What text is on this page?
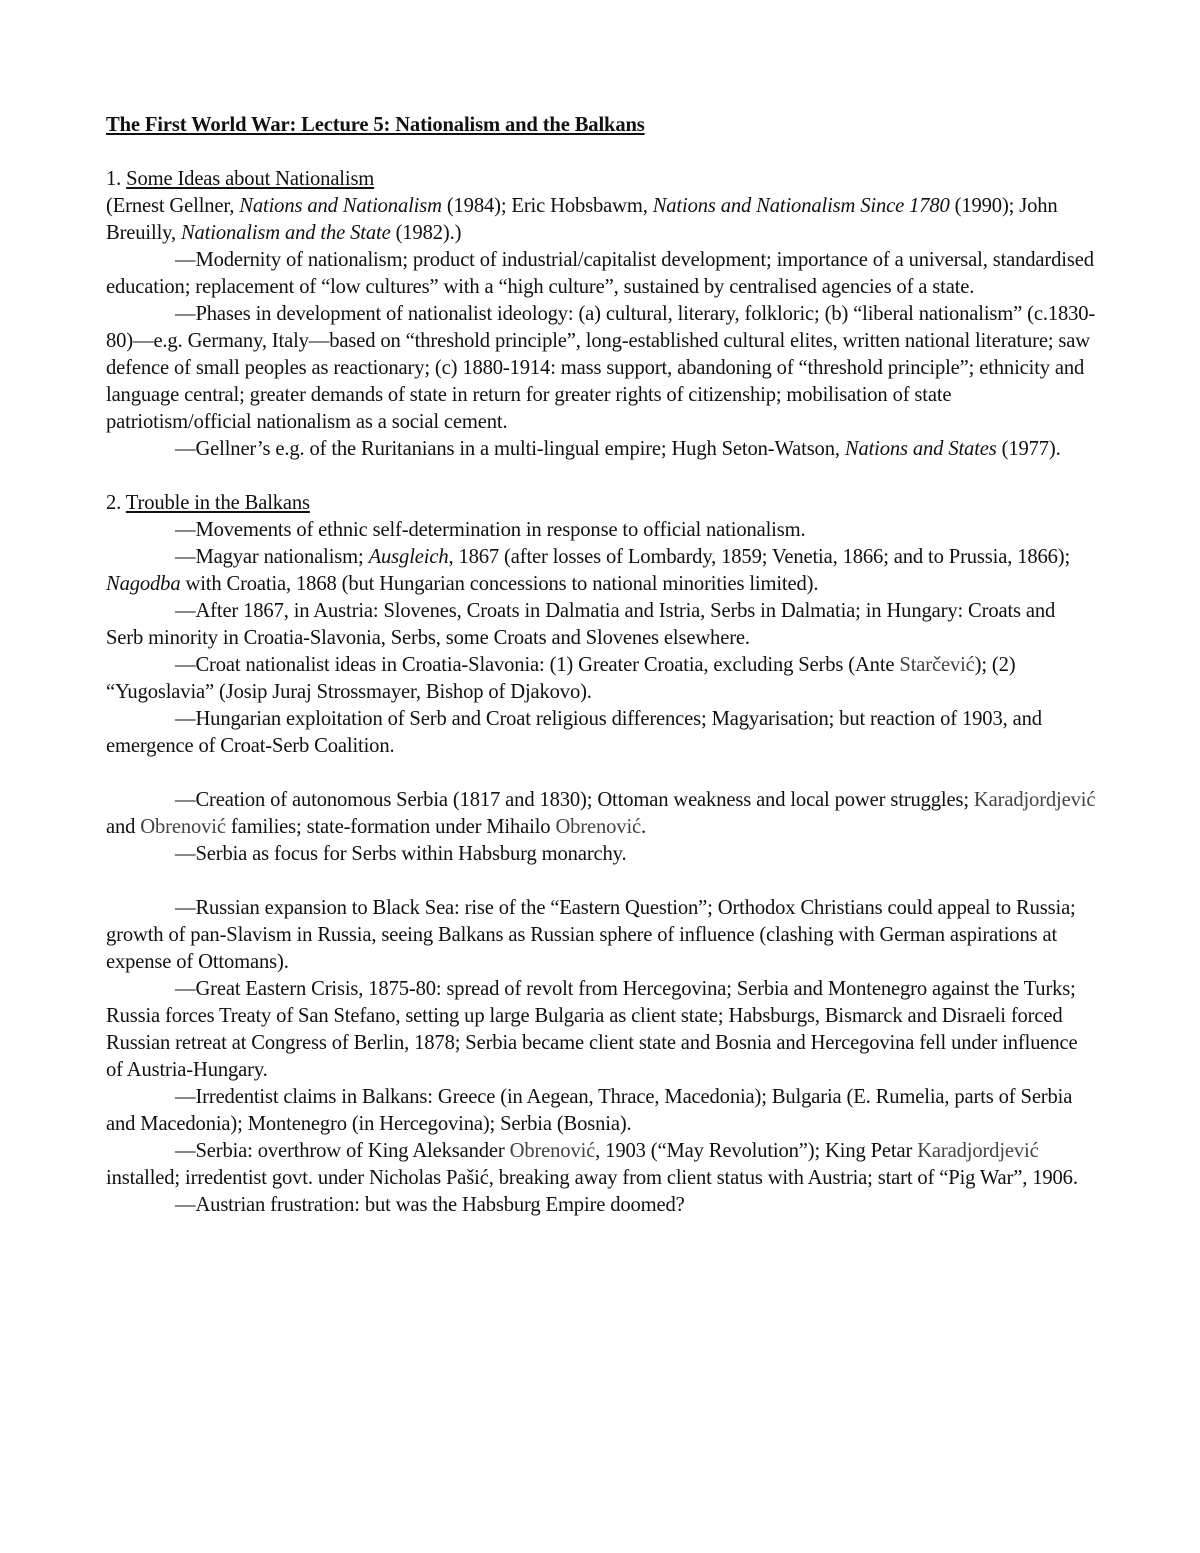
The First World War: Lecture 5: Nationalism and the Balkans

1. Some Ideas about Nationalism

(Ernest Gellner, Nations and Nationalism (1984); Eric Hobsbawm, Nations and Nationalism Since 1780 (1990); John Breuilly, Nationalism and the State (1982).)

—Modernity of nationalism; product of industrial/capitalist development; importance of a universal, standardised education; replacement of “low cultures” with a “high culture”, sustained by centralised agencies of a state.

—Phases in development of nationalist ideology: (a) cultural, literary, folkloric; (b) “liberal nationalism” (c.1830-80)—e.g. Germany, Italy—based on “threshold principle”, long-established cultural elites, written national literature; saw defence of small peoples as reactionary; (c) 1880-1914: mass support, abandoning of “threshold principle”; ethnicity and language central; greater demands of state in return for greater rights of citizenship; mobilisation of state patriotism/official nationalism as a social cement.

—Gellner’s e.g. of the Ruritanians in a multi-lingual empire; Hugh Seton-Watson, Nations and States (1977).

2. Trouble in the Balkans

—Movements of ethnic self-determination in response to official nationalism.

—Magyar nationalism; Ausgleich, 1867 (after losses of Lombardy, 1859; Venetia, 1866; and to Prussia, 1866); Nagodba with Croatia, 1868 (but Hungarian concessions to national minorities limited).

—After 1867, in Austria: Slovenes, Croats in Dalmatia and Istria, Serbs in Dalmatia; in Hungary: Croats and Serb minority in Croatia-Slavonia, Serbs, some Croats and Slovenes elsewhere.

—Croat nationalist ideas in Croatia-Slavonia: (1) Greater Croatia, excluding Serbs (Ante Starčević); (2) “Yugoslavia” (Josip Juraj Strossmayer, Bishop of Djakovo).

—Hungarian exploitation of Serb and Croat religious differences; Magyarisation; but reaction of 1903, and emergence of Croat-Serb Coalition.

—Creation of autonomous Serbia (1817 and 1830); Ottoman weakness and local power struggles; Karadjordjević and Obrenović families; state-formation under Mihailo Obrenović.

—Serbia as focus for Serbs within Habsburg monarchy.

—Russian expansion to Black Sea: rise of the “Eastern Question”; Orthodox Christians could appeal to Russia; growth of pan-Slavism in Russia, seeing Balkans as Russian sphere of influence (clashing with German aspirations at expense of Ottomans).

—Great Eastern Crisis, 1875-80: spread of revolt from Hercegovina; Serbia and Montenegro against the Turks; Russia forces Treaty of San Stefano, setting up large Bulgaria as client state; Habsburgs, Bismarck and Disraeli forced Russian retreat at Congress of Berlin, 1878; Serbia became client state and Bosnia and Hercegovina fell under influence of Austria-Hungary.

—Irredentist claims in Balkans: Greece (in Aegean, Thrace, Macedonia); Bulgaria (E. Rumelia, parts of Serbia and Macedonia); Montenegro (in Hercegovina); Serbia (Bosnia).

—Serbia: overthrow of King Aleksander Obrenović, 1903 (“May Revolution”); King Petar Karadjordjević installed; irredentist govt. under Nicholas Pašić, breaking away from client status with Austria; start of “Pig War”, 1906.

—Austrian frustration: but was the Habsburg Empire doomed?
